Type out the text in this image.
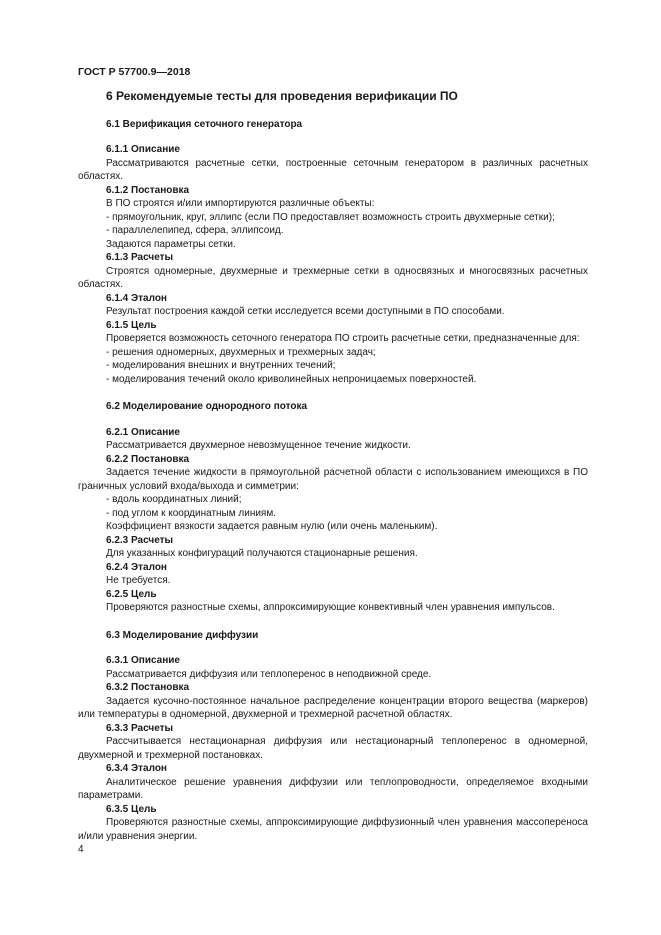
ГОСТ Р 57700.9—2018
6 Рекомендуемые тесты для проведения верификации ПО
6.1 Верификация сеточного генератора
6.1.1 Описание
Рассматриваются расчетные сетки, построенные сеточным генератором в различных расчетных областях.
6.1.2 Постановка
В ПО строятся и/или импортируются различные объекты:
- прямоугольник, круг, эллипс (если ПО предоставляет возможность строить двухмерные сетки);
- параллелепипед, сфера, эллипсоид.
Задаются параметры сетки.
6.1.3 Расчеты
Строятся одномерные, двухмерные и трехмерные сетки в односвязных и многосвязных расчетных областях.
6.1.4 Эталон
Результат построения каждой сетки исследуется всеми доступными в ПО способами.
6.1.5 Цель
Проверяется возможность сеточного генератора ПО строить расчетные сетки, предназначенные для:
- решения одномерных, двухмерных и трехмерных задач;
- моделирования внешних и внутренних течений;
- моделирования течений около криволинейных непроницаемых поверхностей.
6.2 Моделирование однородного потока
6.2.1 Описание
Рассматривается двухмерное невозмущенное течение жидкости.
6.2.2 Постановка
Задается течение жидкости в прямоугольной расчетной области с использованием имеющихся в ПО граничных условий входа/выхода и симметрии:
- вдоль координатных линий;
- под углом к координатным линиям.
Коэффициент вязкости задается равным нулю (или очень маленьким).
6.2.3 Расчеты
Для указанных конфигураций получаются стационарные решения.
6.2.4 Эталон
Не требуется.
6.2.5 Цель
Проверяются разностные схемы, аппроксимирующие конвективный член уравнения импульсов.
6.3 Моделирование диффузии
6.3.1 Описание
Рассматривается диффузия или теплоперенос в неподвижной среде.
6.3.2 Постановка
Задается кусочно-постоянное начальное распределение концентрации второго вещества (маркеров) или температуры в одномерной, двухмерной и трехмерной расчетной областях.
6.3.3 Расчеты
Рассчитывается нестационарная диффузия или нестационарный теплоперенос в одномерной, двухмерной и трехмерной постановках.
6.3.4 Эталон
Аналитическое решение уравнения диффузии или теплопроводности, определяемое входными параметрами.
6.3.5 Цель
Проверяются разностные схемы, аппроксимирующие диффузионный член уравнения массопереноса и/или уравнения энергии.
4
